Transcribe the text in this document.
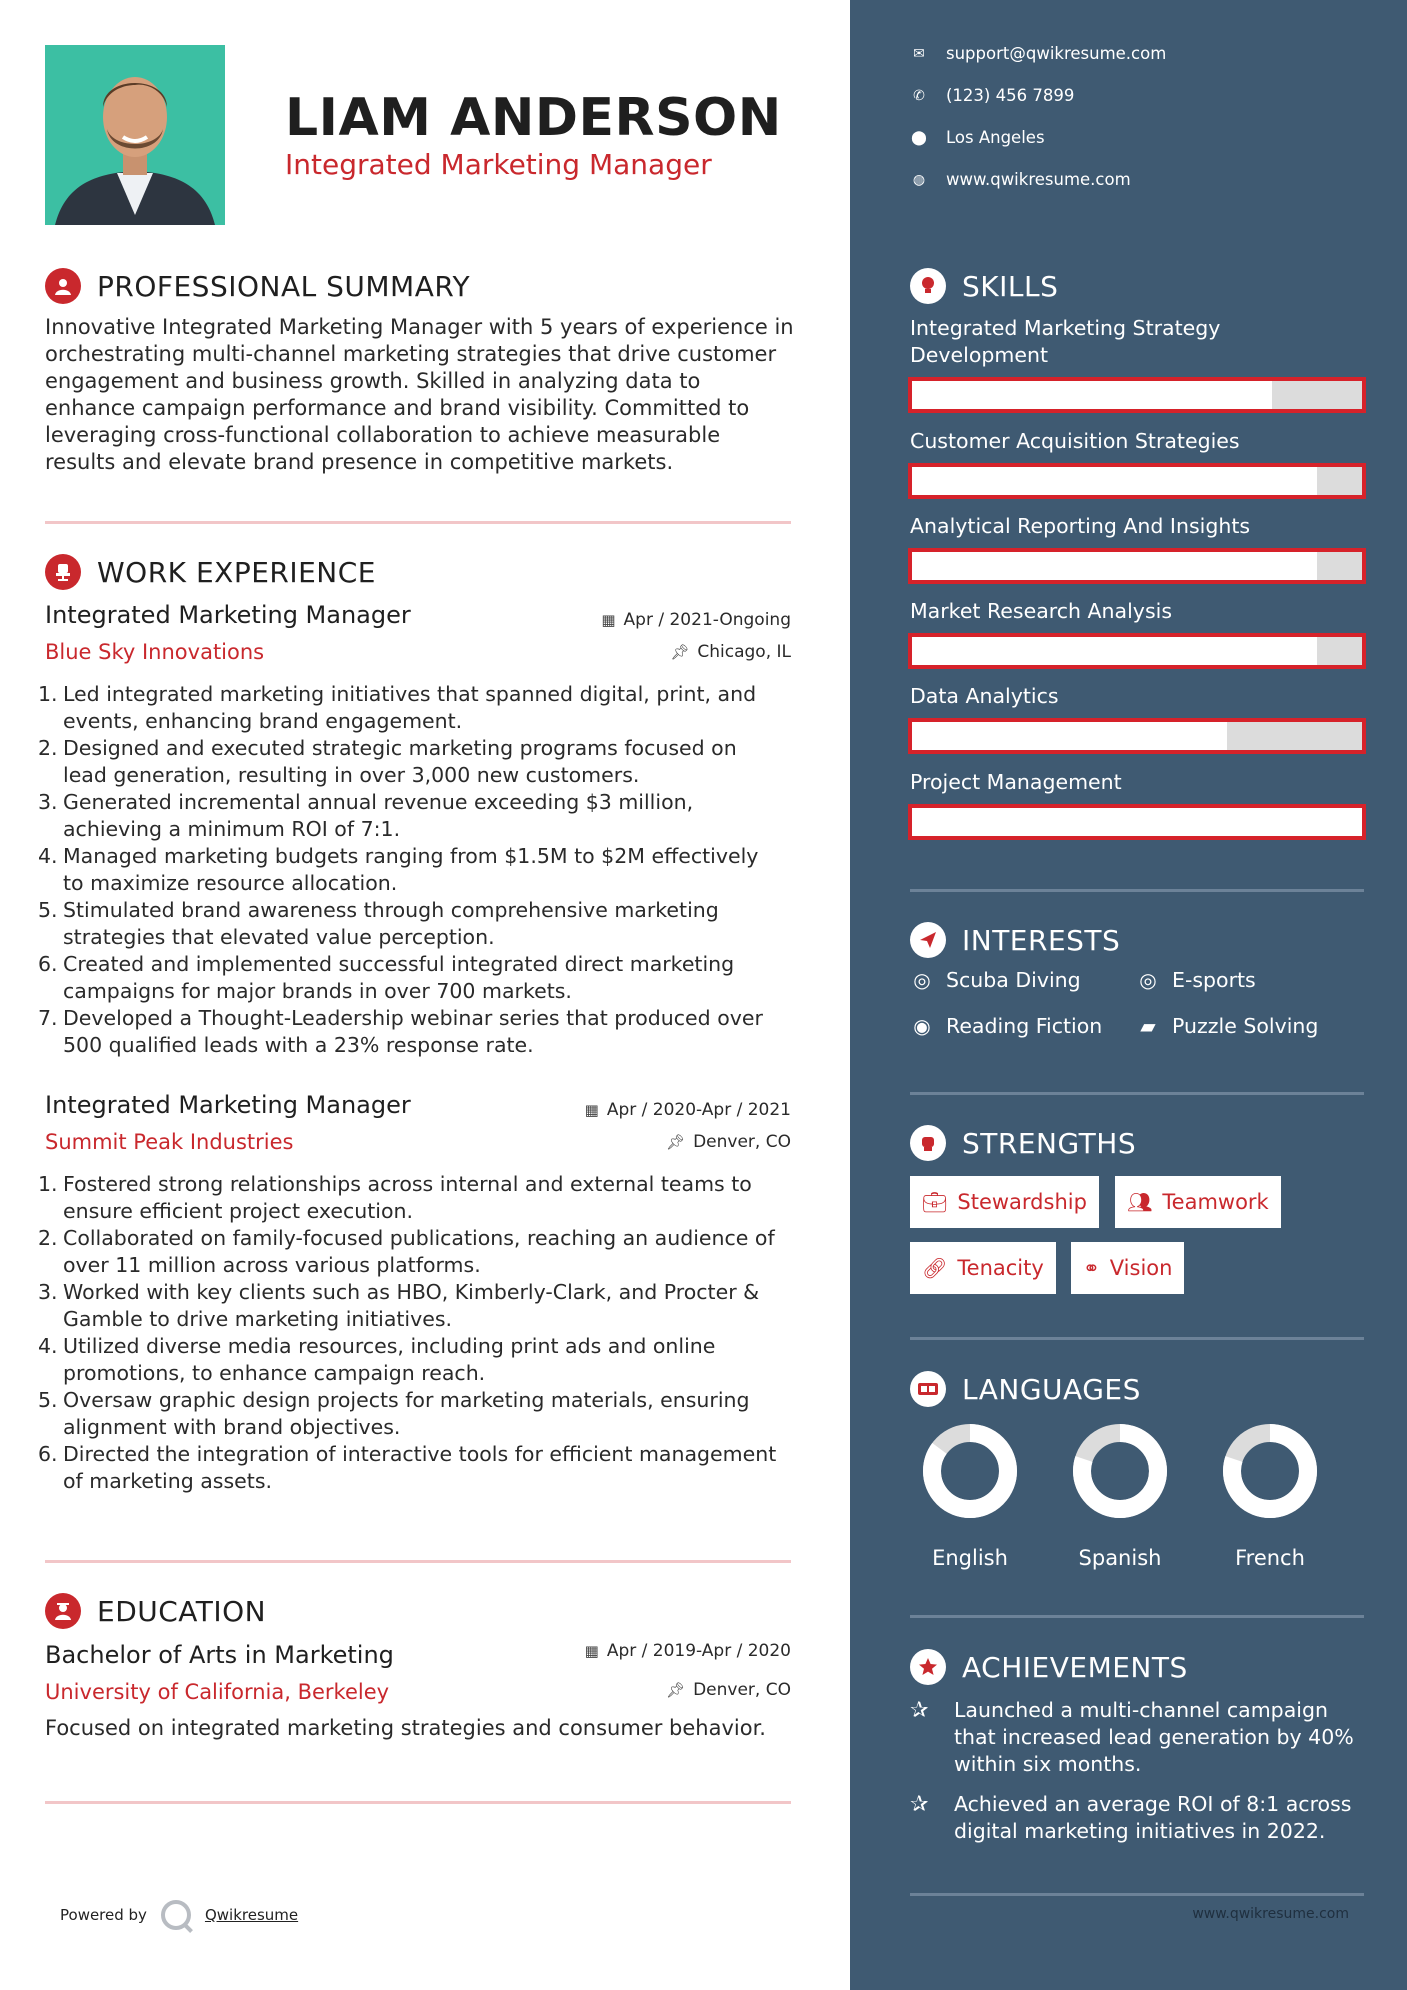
LIAM ANDERSON
Integrated Marketing Manager
PROFESSIONAL SUMMARY
Innovative Integrated Marketing Manager with 5 years of experience in orchestrating multi-channel marketing strategies that drive customer engagement and business growth. Skilled in analyzing data to enhance campaign performance and brand visibility. Committed to leveraging cross-functional collaboration to achieve measurable results and elevate brand presence in competitive markets.
WORK EXPERIENCE
Integrated Marketing Manager
Blue Sky Innovations
▦ Apr / 2021-Ongoing
📌︎ Chicago, IL
1. Led integrated marketing initiatives that spanned digital, print, and
events, enhancing brand engagement.
2. Designed and executed strategic marketing programs focused on
lead generation, resulting in over 3,000 new customers.
3. Generated incremental annual revenue exceeding $3 million,
achieving a minimum ROI of 7:1.
4. Managed marketing budgets ranging from $1.5M to $2M effectively
to maximize resource allocation.
5. Stimulated brand awareness through comprehensive marketing
strategies that elevated value perception.
6. Created and implemented successful integrated direct marketing
campaigns for major brands in over 700 markets.
7. Developed a Thought-Leadership webinar series that produced over
500 qualified leads with a 23% response rate.
Integrated Marketing Manager
Summit Peak Industries
▦ Apr / 2020-Apr / 2021
📌︎ Denver, CO
1. Fostered strong relationships across internal and external teams to
ensure efficient project execution.
2. Collaborated on family-focused publications, reaching an audience of
over 11 million across various platforms.
3. Worked with key clients such as HBO, Kimberly-Clark, and Procter &
Gamble to drive marketing initiatives.
4. Utilized diverse media resources, including print ads and online
promotions, to enhance campaign reach.
5. Oversaw graphic design projects for marketing materials, ensuring
alignment with brand objectives.
6. Directed the integration of interactive tools for efficient management
of marketing assets.
EDUCATION
Bachelor of Arts in Marketing
University of California, Berkeley
▦ Apr / 2019-Apr / 2020
📌︎ Denver, CO
Focused on integrated marketing strategies and consumer behavior.
Powered by	Qwikresume
✉ support@qwikresume.com
✆ (123) 456 7899
⬤ Los Angeles
◍ www.qwikresume.com
SKILLS
Integrated Marketing Strategy Development
Customer Acquisition Strategies
Analytical Reporting And Insights
Market Research Analysis
Data Analytics
Project Management
INTERESTS
◎ Scuba Diving	◎ E-sports
◉ Reading Fiction ▰ Puzzle Solving
STRENGTHS
💼︎ Stewardship 👥︎ Teamwork
🔗︎ Tenacity ⚭ Vision
LANGUAGES
English	Spanish	French
ACHIEVEMENTS
✰	Launched a multi-channel campaign
that increased lead generation by 40%
within six months.
✰	Achieved an average ROI of 8:1 across
digital marketing initiatives in 2022.
www.qwikresume.com
